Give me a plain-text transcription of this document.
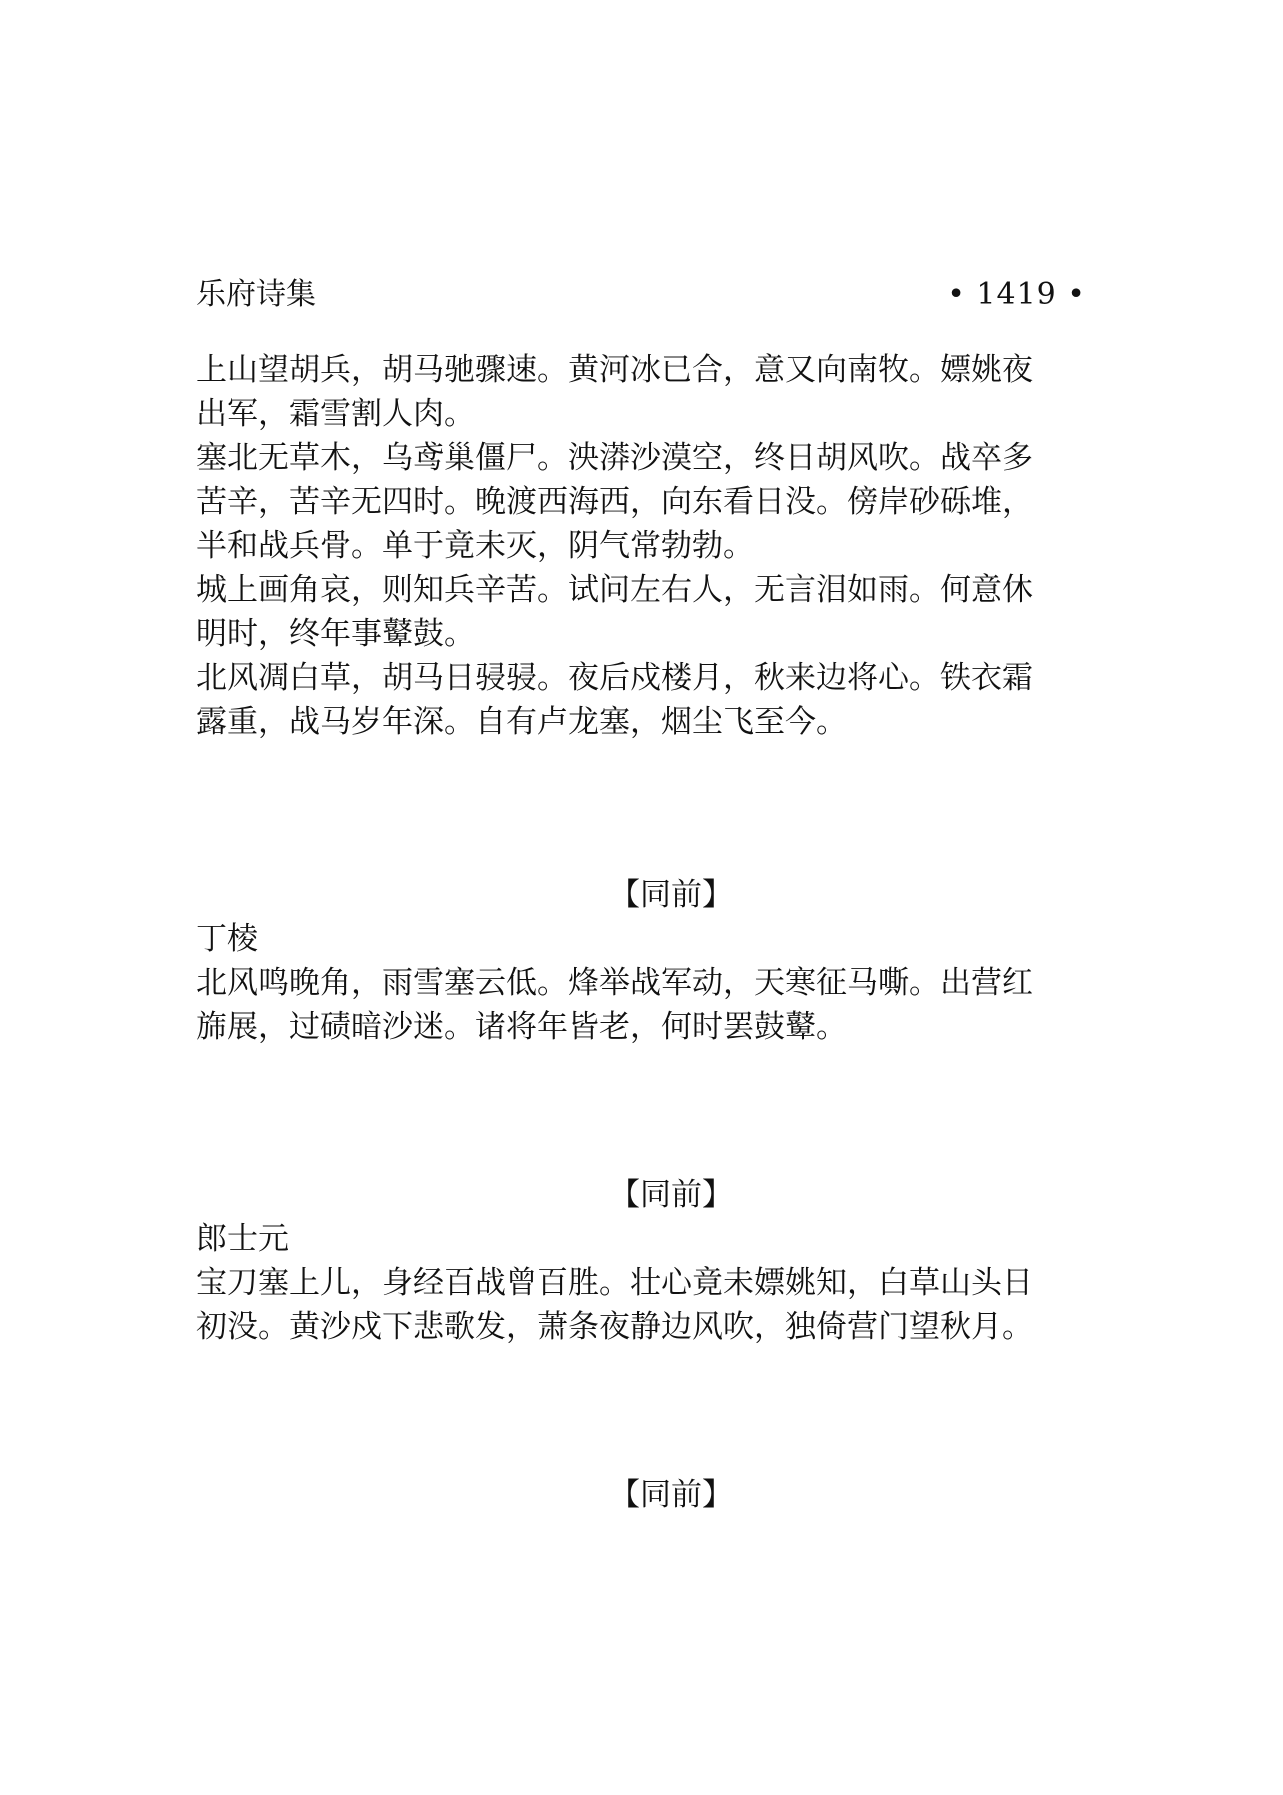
乐府诗集	• 1419 •
上山望胡兵，胡马驰骤速。黄河冰已合，意又向南牧。嫖姚夜
出军，霜雪割人肉。
塞北无草木，乌鸢巢僵尸。泱漭沙漠空，终日胡风吹。战卒多
苦辛，苦辛无四时。晚渡西海西，向东看日没。傍岸砂砾堆，
半和战兵骨。单于竟未灭，阴气常勃勃。
城上画角哀，则知兵辛苦。试问左右人，无言泪如雨。何意休
明时，终年事鼙鼓。
北风凋白草，胡马日骎骎。夜后戍楼月，秋来边将心。铁衣霜
露重，战马岁年深。自有卢龙塞，烟尘飞至今。
【同前】
丁棱
北风鸣晚角，雨雪塞云低。烽举战军动，天寒征马嘶。出营红
旆展，过碛暗沙迷。诸将年皆老，何时罢鼓鼙。
【同前】
郎士元
宝刀塞上儿，身经百战曾百胜。壮心竟未嫖姚知，白草山头日
初没。黄沙戍下悲歌发，萧条夜静边风吹，独倚营门望秋月。
【同前】
